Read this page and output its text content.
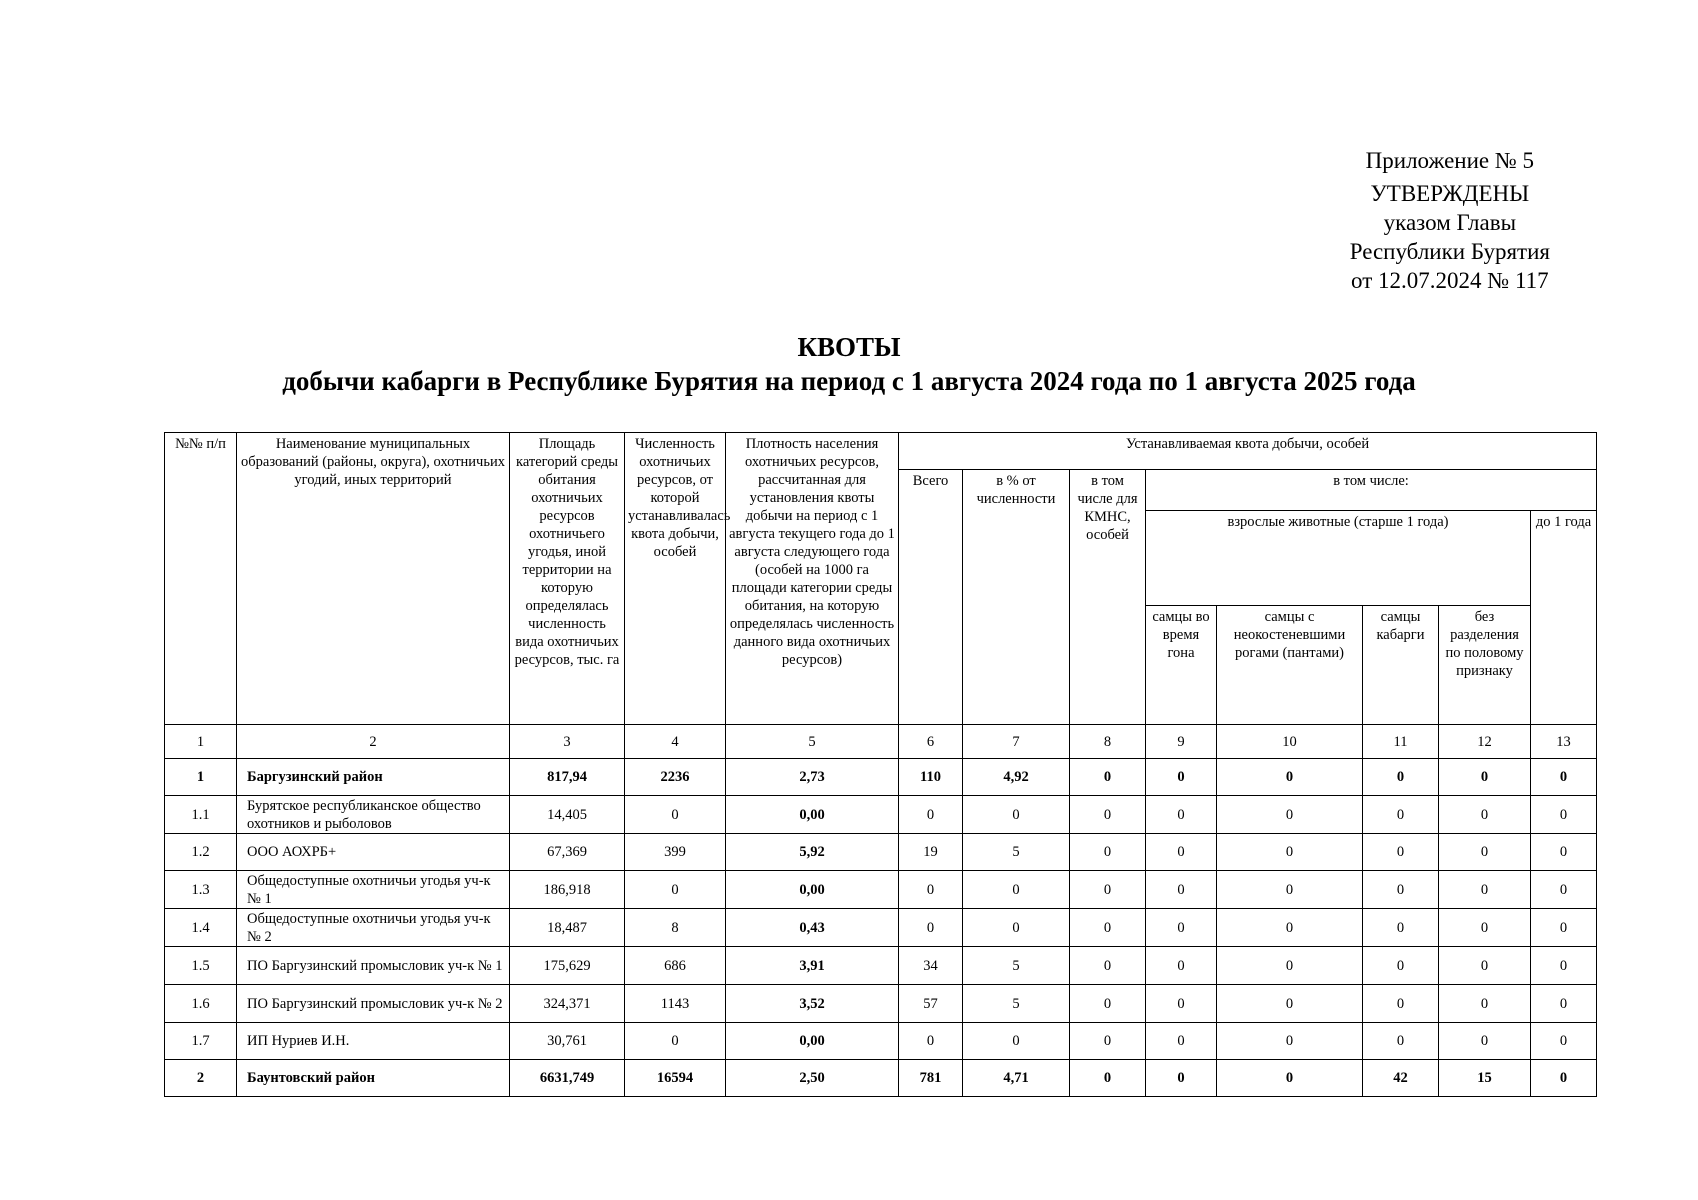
Приложение № 5
УТВЕРЖДЕНЫ
указом Главы
Республики Бурятия
от 12.07.2024 № 117
КВОТЫ
добычи кабарги в Республике Бурятия на период с 1 августа 2024 года по 1 августа 2025 года
№№ п/п	Наименование муниципальных образований (районы, округа), охотничьих угодий, иных территорий	Площадь категорий среды обитания охотничьих ресурсов охотничьего угодья, иной территории на которую определялась численность вида охотничьих ресурсов, тыс. га	Численность охотничьих ресурсов, от которой устанавливалась квота добычи, особей	Плотность населения охотничьих ресурсов, рассчитанная для установления квоты добычи на период с 1 августа текущего года до 1 августа следующего года (особей на 1000 га площади категории среды обитания, на которую определялась численность данного вида охотничьих ресурсов)	Устанавливаемая квота добычи, особей							
					Всего	в % от численности	в том числе для КМНС, особей	в том числе:				
								взрослые животные (старше 1 года)				до 1 года
								самцы во время гона	самцы с неокостеневшими рогами (пантами)	самцы кабарги	без разделения по половому признаку	
1	2	3	4	5	6	7	8	9	10	11	12	13
1	Баргузинский район	817,94	2236	2,73	110	4,92	0	0	0	0	0	0
1.1	Бурятское республиканское общество охотников и рыболовов	14,405	0	0,00	0	0	0	0	0	0	0	0
1.2	ООО АОХРБ+	67,369	399	5,92	19	5	0	0	0	0	0	0
1.3	Общедоступные охотничьи угодья уч-к № 1	186,918	0	0,00	0	0	0	0	0	0	0	0
1.4	Общедоступные охотничьи угодья уч-к № 2	18,487	8	0,43	0	0	0	0	0	0	0	0
1.5	ПО Баргузинский промысловик уч-к № 1	175,629	686	3,91	34	5	0	0	0	0	0	0
1.6	ПО Баргузинский промысловик уч-к № 2	324,371	1143	3,52	57	5	0	0	0	0	0	0
1.7	ИП Нуриев И.Н.	30,761	0	0,00	0	0	0	0	0	0	0	0
2	Баунтовский район	6631,749	16594	2,50	781	4,71	0	0	0	42	15	0
